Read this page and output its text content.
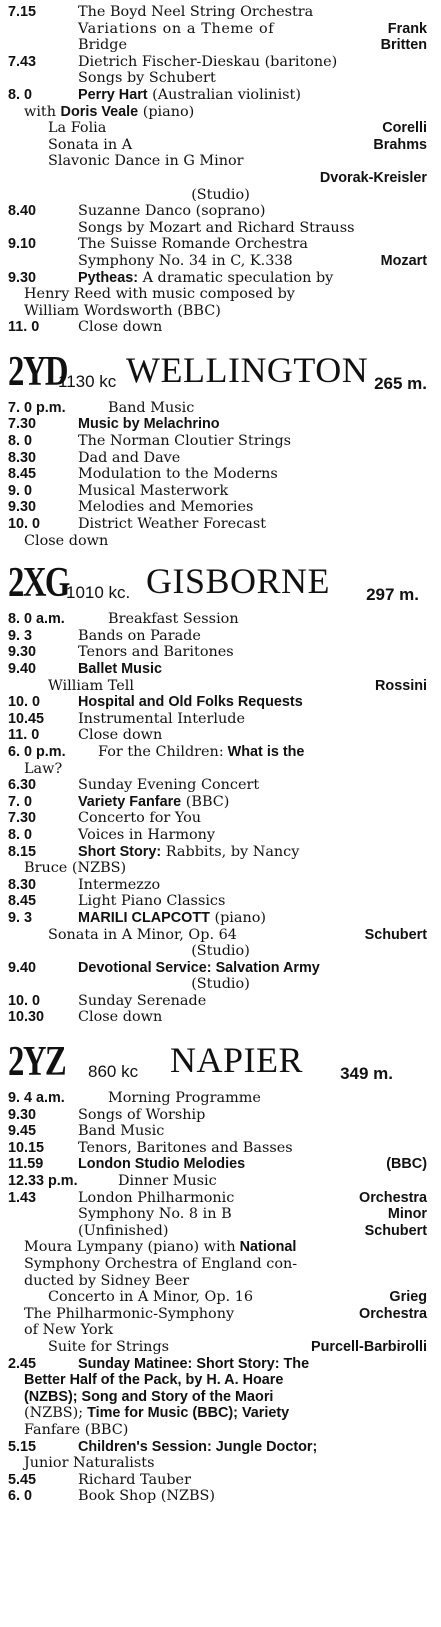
7.15	The Boyd Neel String Orchestra
Variations on a Theme of	Frank
Bridge	Britten
7.43	Dietrich Fischer-Dieskau (baritone)
Songs by Schubert
8. 0	Perry Hart (Australian violinist)
with Doris Veale (piano)
La Folia	Corelli
Sonata in A	Brahms
Slavonic Dance in G Minor
Dvorak-Kreisler
(Studio)
8.40	Suzanne Danco (soprano)
Songs by Mozart and Richard Strauss
9.10	The Suisse Romande Orchestra
Symphony No. 34 in C, K.338	Mozart
9.30	Pytheas: A dramatic speculation by
Henry Reed with music composed by
William Wordsworth (BBC)
11. 0	Close down
2YD
1130 kc WELLINGTON 265 m.
7. 0 p.m.	Band Music
7.30	Music by Melachrino
8. 0	The Norman Cloutier Strings
8.30	Dad and Dave
8.45	Modulation to the Moderns
9. 0	Musical Masterwork
9.30	Melodies and Memories
10. 0	District Weather Forecast
Close down
2XG
1010 kc. GISBORNE 297 m.
8. 0 a.m.	Breakfast Session
9. 3	Bands on Parade
9.30	Tenors and Baritones
9.40	Ballet Music
William Tell	Rossini
10. 0	Hospital and Old Folks Requests
10.45 Instrumental Interlude
11. 0	Close down
6. 0 p.m. For the Children: What is the
Law?
6.30	Sunday Evening Concert
7. 0	Variety Fanfare (BBC)
7.30	Concerto for You
8. 0	Voices in Harmony
8.15	Short Story: Rabbits, by Nancy
Bruce (NZBS)
8.30	Intermezzo
8.45	Light Piano Classics
9. 3	MARILI CLAPCOTT (piano)
Sonata in A Minor, Op. 64	Schubert
(Studio)
9.40	Devotional Service: Salvation Army
(Studio)
10. 0	Sunday Serenade
10.30 Close down
2YZ 860 kc NAPIER 349 m.
9. 4 a.m.	Morning Programme
9.30	Songs of Worship
9.45	Band Music
10.15 Tenors, Baritones and Basses
11.59 London Studio Melodies	(BBC)
12.33 p.m.	Dinner Music
1.43	London Philharmonic	Orchestra
Symphony No. 8 in B	Minor
(Unfinished)	Schubert
Moura Lympany (piano) with National
Symphony Orchestra of England con-
ducted by Sidney Beer
Concerto in A Minor, Op. 16	Grieg
The Philharmonic-Symphony	Orchestra
of New York
Suite for Strings	Purcell-Barbirolli
2.45	Sunday Matinee: Short Story: The
Better Half of the Pack, by H. A. Hoare
(NZBS); Song and Story of the Maori
(NZBS); Time for Music (BBC); Variety
Fanfare (BBC)
5.15	Children's Session: Jungle Doctor;
Junior Naturalists
5.45	Richard Tauber
6. 0	Book Shop (NZBS)
